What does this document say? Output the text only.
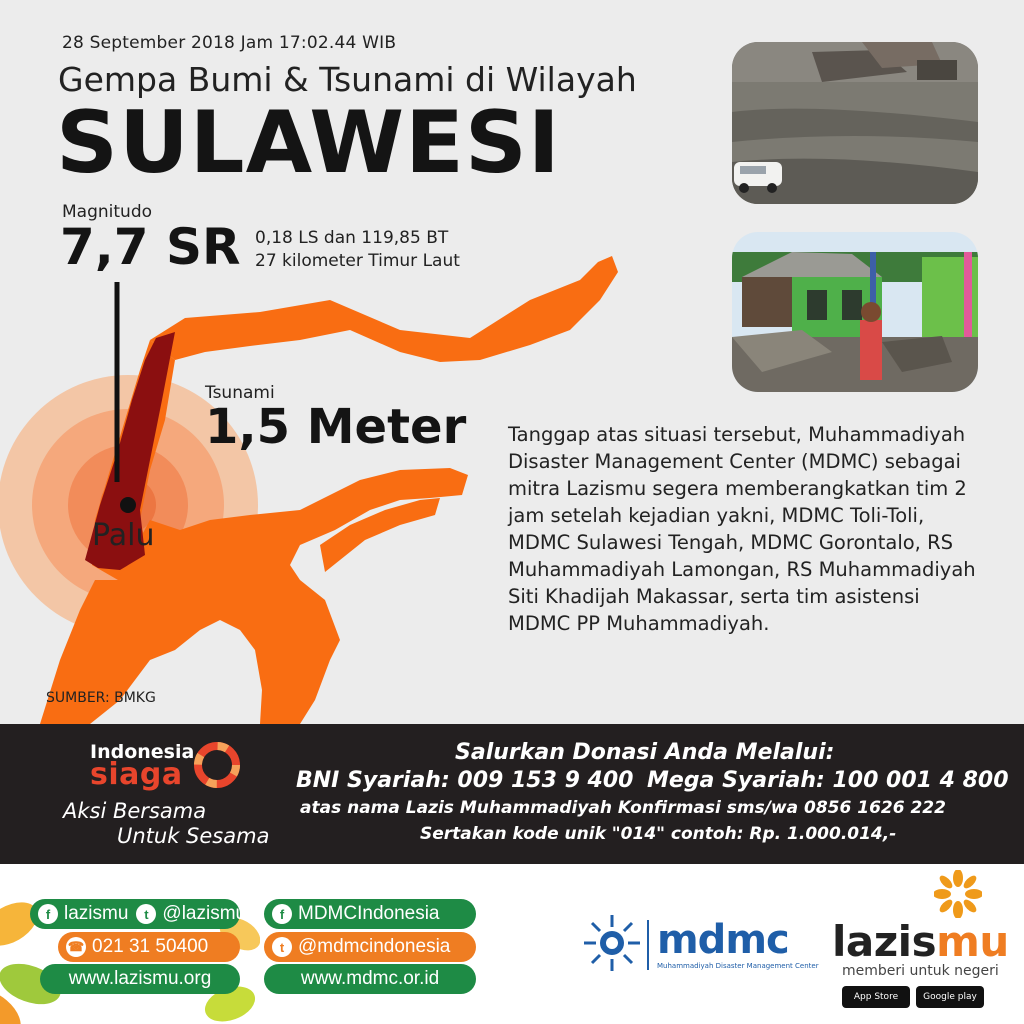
28 September 2018 Jam 17:02.44 WIB
Gempa Bumi & Tsunami di Wilayah
SULAWESI
Magnitudo
7,7 SR 0,18 LS dan 119,85 BT
27 kilometer Timur Laut
Tsunami
1,5 Meter
Palu
SUMBER: BMKG
Tanggap atas situasi tersebut, Muhammadiyah Disaster Management Center (MDMC) sebagai mitra Lazismu segera memberangkatkan tim 2 jam setelah kejadian yakni, MDMC Toli-Toli, MDMC Sulawesi Tengah, MDMC Gorontalo, RS Muhammadiyah Lamongan, RS Muhammadiyah Siti Khadijah Makassar, serta tim asistensi MDMC PP Muhammadiyah.
Indonesia
siaga
Aksi Bersama
Untuk Sesama
Salurkan Donasi Anda Melalui:
BNI Syariah: 009 153 9 400 Mega Syariah: 100 001 4 800
atas nama Lazis Muhammadiyah Konfirmasi sms/wa 0856 1626 222
Sertakan kode unik "014" contoh: Rp. 1.000.014,-
f lazismu	t @lazismu
☎ 021 31 50400
www.lazismu.org
f MDMCIndonesia
t @mdmcindonesia
www.mdmc.or.id
mdmc
Muhammadiyah Disaster Management Center lazismu
memberi untuk negeri
App Store	Google play
